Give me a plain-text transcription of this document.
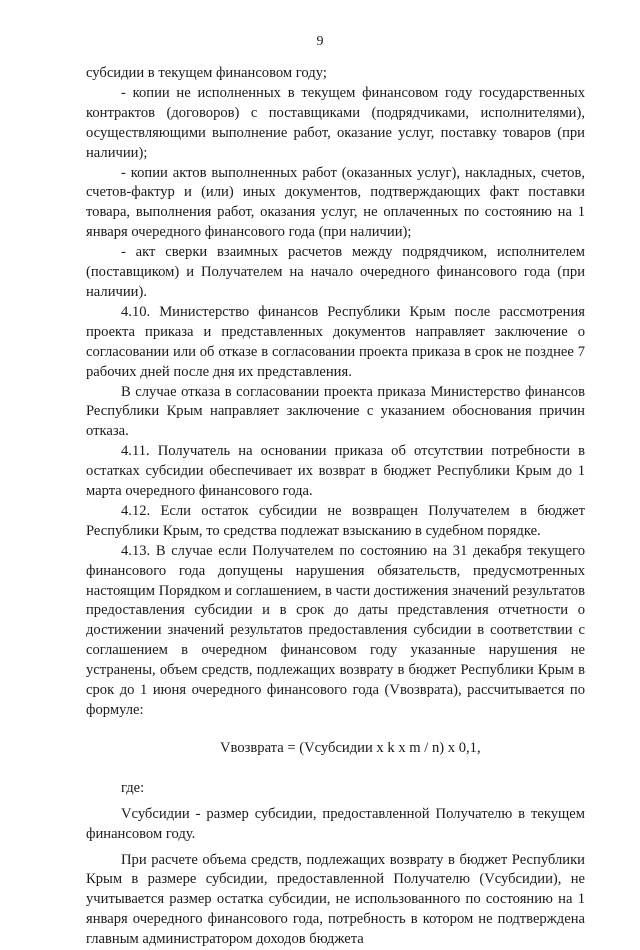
9

субсидии в текущем финансовом году;

- копии не исполненных в текущем финансовом году государственных контрактов (договоров) с поставщиками (подрядчиками, исполнителями), осуществляющими выполнение работ, оказание услуг, поставку товаров (при наличии);

- копии актов выполненных работ (оказанных услуг), накладных, счетов, счетов-фактур и (или) иных документов, подтверждающих факт поставки товара, выполнения работ, оказания услуг, не оплаченных по состоянию на 1 января очередного финансового года (при наличии);

- акт сверки взаимных расчетов между подрядчиком, исполнителем (поставщиком) и Получателем на начало очередного финансового года (при наличии).

4.10. Министерство финансов Республики Крым после рассмотрения проекта приказа и представленных документов направляет заключение о согласовании или об отказе в согласовании проекта приказа в срок не позднее 7 рабочих дней после дня их представления.

В случае отказа в согласовании проекта приказа Министерство финансов Республики Крым направляет заключение с указанием обоснования причин отказа.

4.11. Получатель на основании приказа об отсутствии потребности в остатках субсидии обеспечивает их возврат в бюджет Республики Крым до 1 марта очередного финансового года.

4.12. Если остаток субсидии не возвращен Получателем в бюджет Республики Крым, то средства подлежат взысканию в судебном порядке.

4.13. В случае если Получателем по состоянию на 31 декабря текущего финансового года допущены нарушения обязательств, предусмотренных настоящим Порядком и соглашением, в части достижения значений результатов предоставления субсидии и в срок до даты представления отчетности о достижении значений результатов предоставления субсидии в соответствии с соглашением в очередном финансовом году указанные нарушения не устранены, объем средств, подлежащих возврату в бюджет Республики Крым в срок до 1 июня очередного финансового года (Vвозврата), рассчитывается по формуле:

Vвозврата = (Vсубсидии x k x m / n) x 0,1,

где:

Vсубсидии - размер субсидии, предоставленной Получателю в текущем финансовом году.

При расчете объема средств, подлежащих возврату в бюджет Республики Крым в размере субсидии, предоставленной Получателю (Vсубсидии), не учитывается размер остатка субсидии, не использованного по состоянию на 1 января очередного финансового года, потребность в котором не подтверждена главным администратором доходов бюджета
